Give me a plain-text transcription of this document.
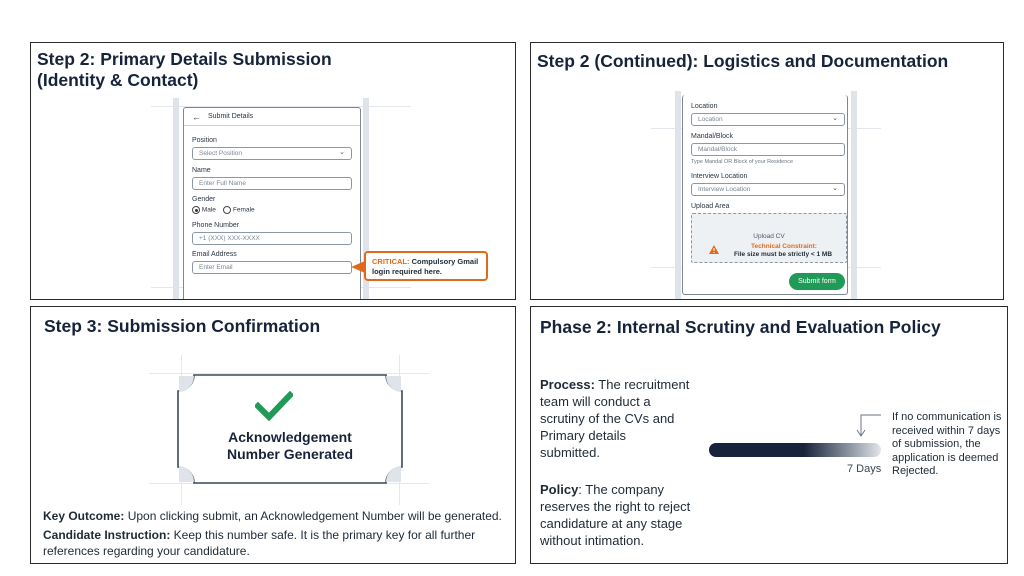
Step 2: Primary Details Submission
(Identity & Contact)
← Submit Details
Position
Select Position	⌄
Name
Enter Full Name
Gender
Male	Female
Phone Number
+1 (XXX) XXX-XXXX
Email Address
Enter Email
CRITICAL: Compulsory Gmail
login required here.
Step 2 (Continued): Logistics and Documentation
Location
Location	⌄
Mandal/Block
Mandal/Block
Type Mandal OR Block of your Residence
Interview Location
Interview Location	⌄
Upload Area
Upload CV
Technical Constraint:
File size must be strictly < 1 MB
Submit form
Step 3: Submission Confirmation
Acknowledgement
Number Generated
Key Outcome: Upon clicking submit, an Acknowledgement Number will be generated.
Candidate Instruction: Keep this number safe. It is the primary key for all further
references regarding your candidature.
Phase 2: Internal Scrutiny and Evaluation Policy
Process: The recruitment
team will conduct a
scrutiny of the CVs and
Primary details
submitted.
Policy: The company
reserves the right to reject
candidature at any stage
without intimation.
7 Days
If no communication is
received within 7 days
of submission, the
application is deemed
Rejected.
